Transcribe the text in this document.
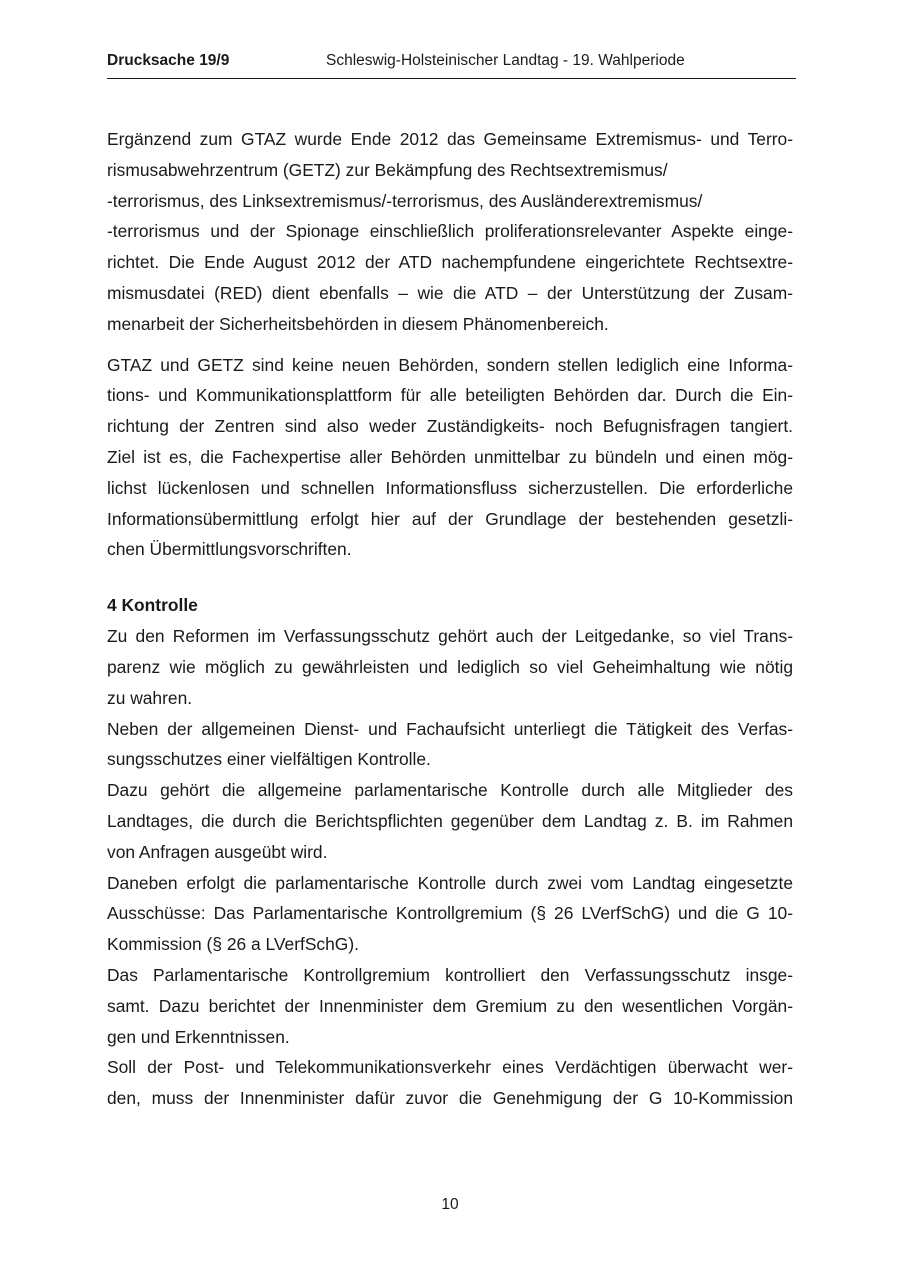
Drucksache 19/9	Schleswig-Holsteinischer Landtag - 19. Wahlperiode

Ergänzend zum GTAZ wurde Ende 2012 das Gemeinsame Extremismus- und Terro-
rismusabwehrzentrum (GETZ) zur Bekämpfung des Rechtsextremismus/
-terrorismus, des Linksextremismus/-terrorismus, des Ausländerextremismus/
-terrorismus und der Spionage einschließlich proliferationsrelevanter Aspekte einge-
richtet. Die Ende August 2012 der ATD nachempfundene eingerichtete Rechtsextre-
mismusdatei (RED) dient ebenfalls – wie die ATD – der Unterstützung der Zusam-
menarbeit der Sicherheitsbehörden in diesem Phänomenbereich.

GTAZ und GETZ sind keine neuen Behörden, sondern stellen lediglich eine Informa-
tions- und Kommunikationsplattform für alle beteiligten Behörden dar. Durch die Ein-
richtung der Zentren sind also weder Zuständigkeits- noch Befugnisfragen tangiert.
Ziel ist es, die Fachexpertise aller Behörden unmittelbar zu bündeln und einen mög-
lichst lückenlosen und schnellen Informationsfluss sicherzustellen. Die erforderliche
Informationsübermittlung erfolgt hier auf der Grundlage der bestehenden gesetzli-
chen Übermittlungsvorschriften.

4 Kontrolle

Zu den Reformen im Verfassungsschutz gehört auch der Leitgedanke, so viel Trans-
parenz wie möglich zu gewährleisten und lediglich so viel Geheimhaltung wie nötig
zu wahren.

Neben der allgemeinen Dienst- und Fachaufsicht unterliegt die Tätigkeit des Verfas-
sungsschutzes einer vielfältigen Kontrolle.

Dazu gehört die allgemeine parlamentarische Kontrolle durch alle Mitglieder des
Landtages, die durch die Berichtspflichten gegenüber dem Landtag z. B. im Rahmen
von Anfragen ausgeübt wird.

Daneben erfolgt die parlamentarische Kontrolle durch zwei vom Landtag eingesetzte
Ausschüsse: Das Parlamentarische Kontrollgremium (§ 26 LVerfSchG) und die G 10-
Kommission (§ 26 a LVerfSchG).

Das Parlamentarische Kontrollgremium kontrolliert den Verfassungsschutz insge-
samt. Dazu berichtet der Innenminister dem Gremium zu den wesentlichen Vorgän-
gen und Erkenntnissen.

Soll der Post- und Telekommunikationsverkehr eines Verdächtigen überwacht wer-
den, muss der Innenminister dafür zuvor die Genehmigung der G 10-Kommission

10
